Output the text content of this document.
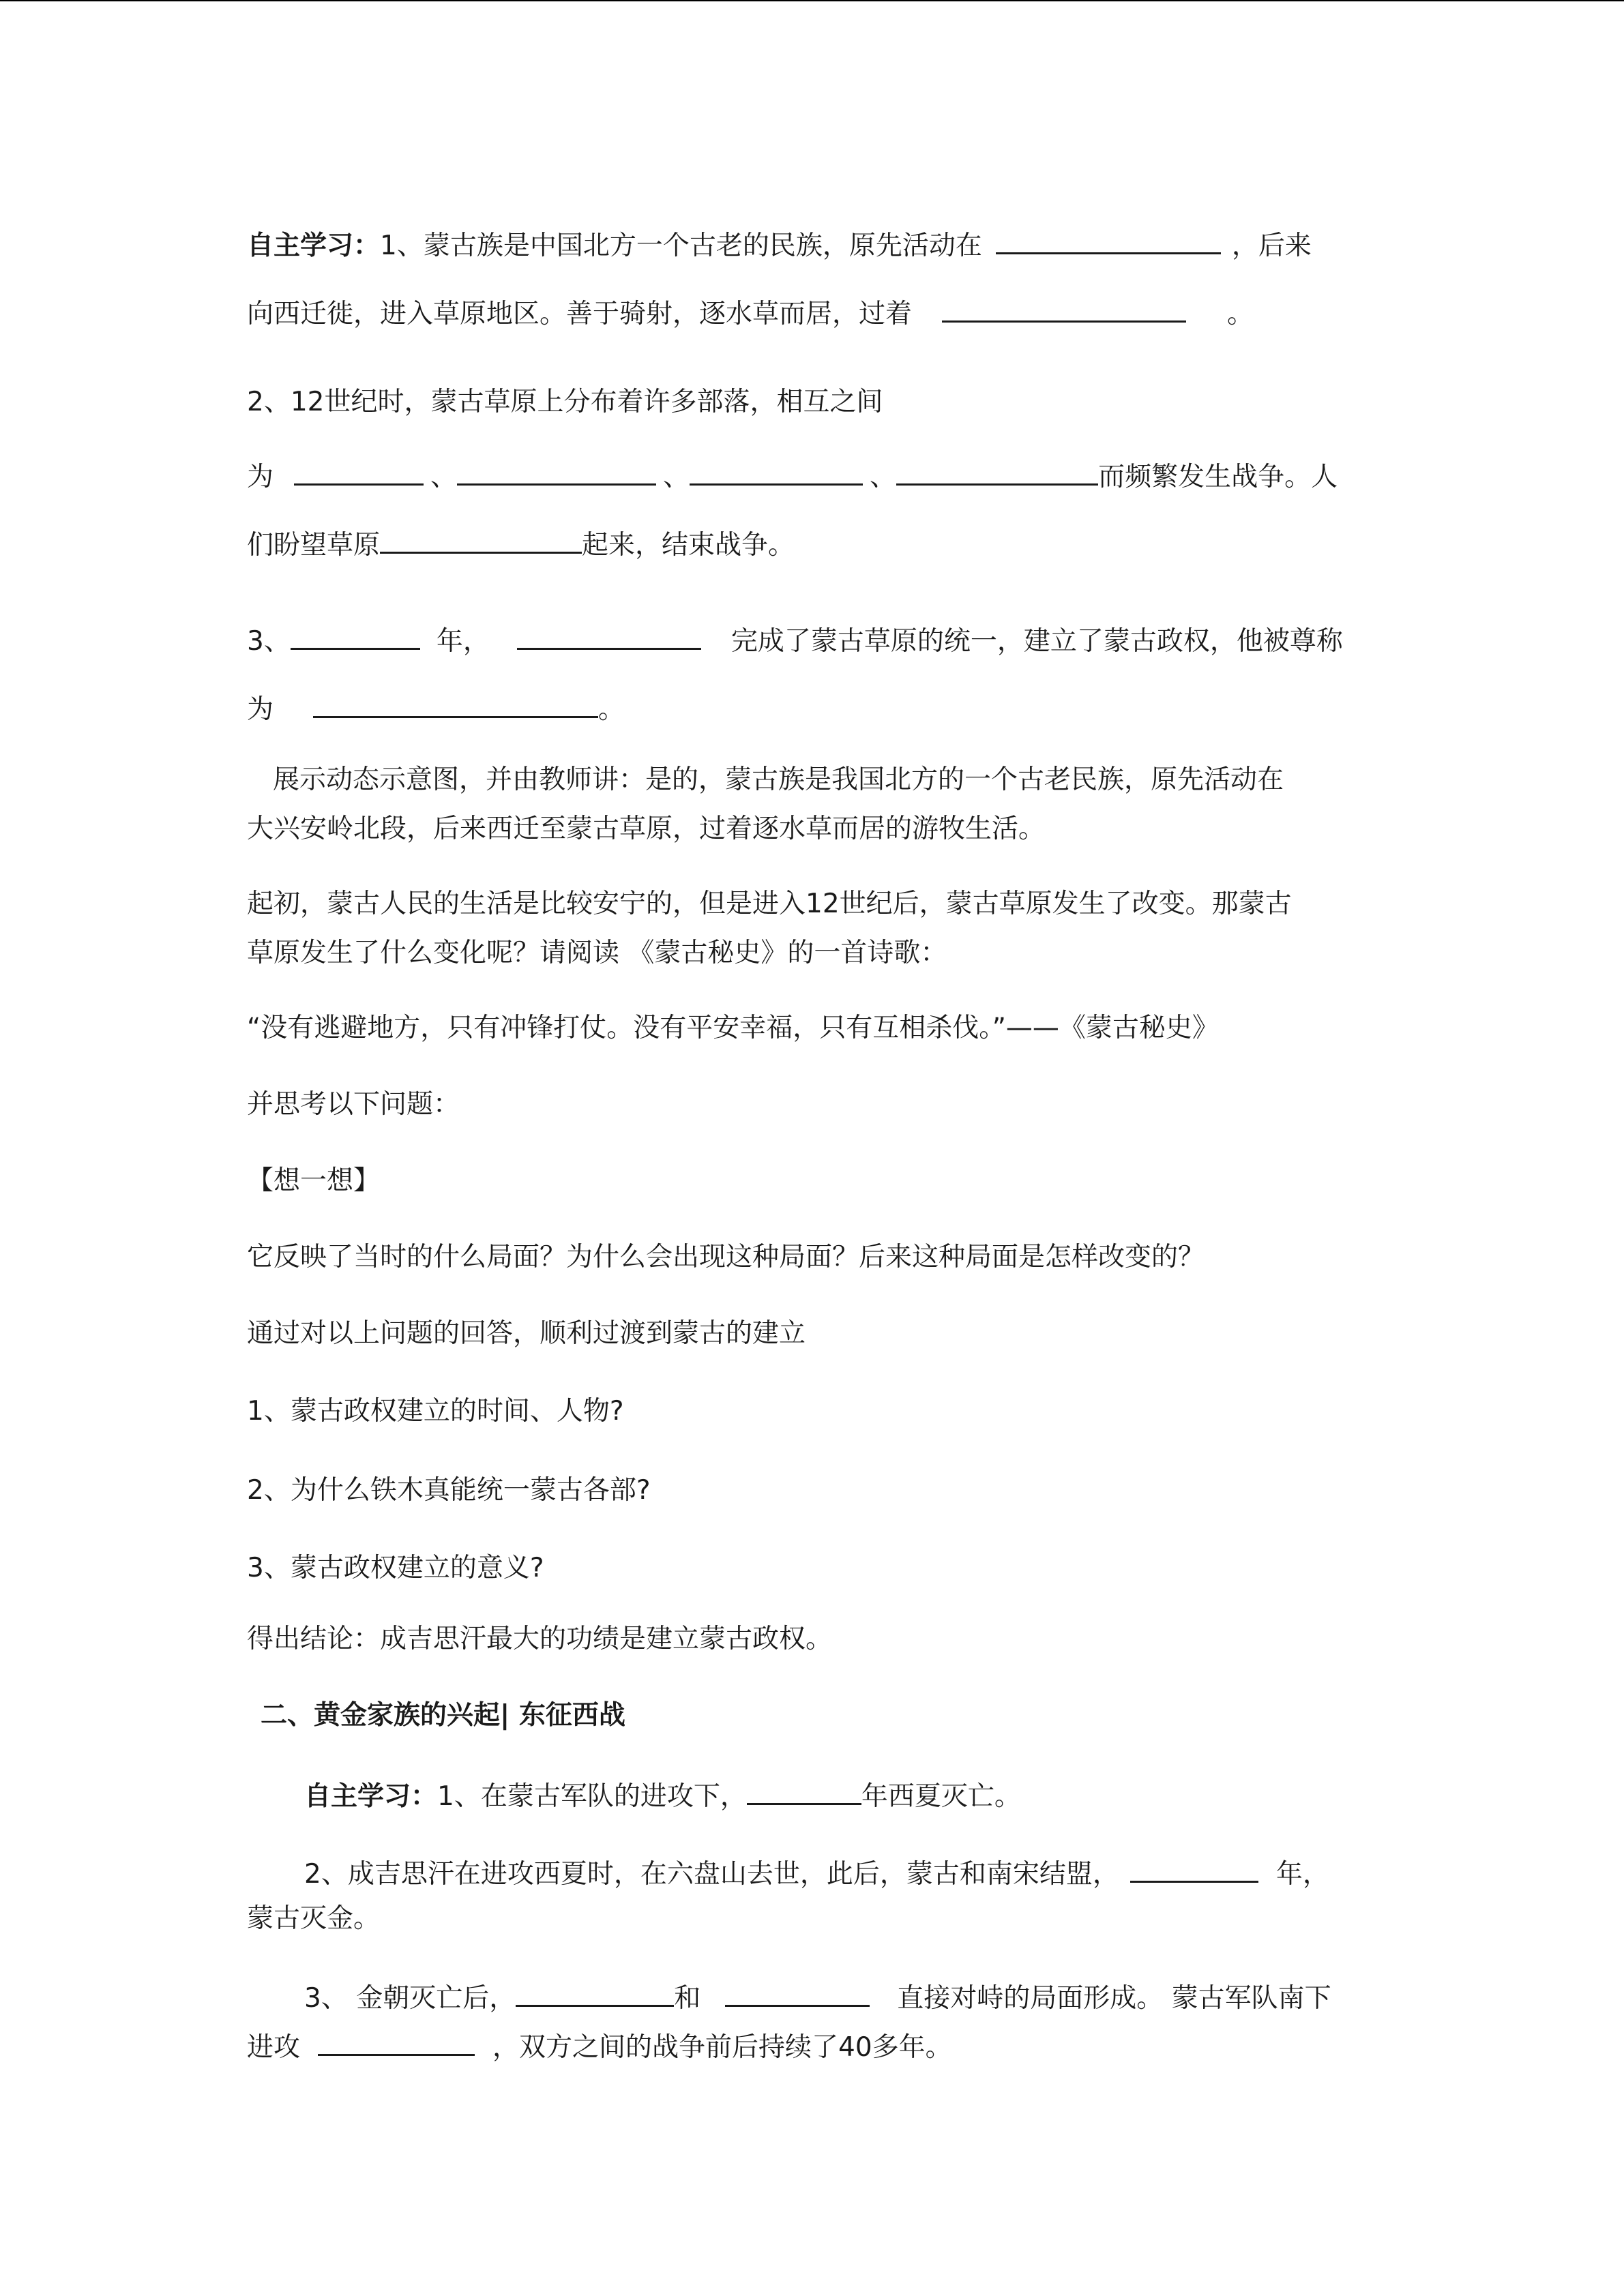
自主学习：1、蒙古族是中国北方一个古老的民族，原先活动在	，后来
向西迁徙，进入草原地区。善于骑射，逐水草而居，过着	。
2、12世纪时，蒙古草原上分布着许多部落，相互之间
为	、	、	、	而频繁发生战争。人
们盼望草原	起来，结束战争。
3、	年，	完成了蒙古草原的统一，建立了蒙古政权，他被尊称
为	。
展示动态示意图，并由教师讲：是的，蒙古族是我国北方的一个古老民族，原先活动在
大兴安岭北段，后来西迁至蒙古草原，过着逐水草而居的游牧生活。
起初，蒙古人民的生活是比较安宁的，但是进入12世纪后，蒙古草原发生了改变。那蒙古
草原发生了什么变化呢？请阅读 《蒙古秘史》的一首诗歌：
“没有逃避地方，只有冲锋打仗。没有平安幸福，只有互相杀伐。”——《蒙古秘史》
并思考以下问题：
【想一想】
它反映了当时的什么局面？为什么会出现这种局面？后来这种局面是怎样改变的？
通过对以上问题的回答，顺利过渡到蒙古的建立
1、蒙古政权建立的时间、人物?
2、为什么铁木真能统一蒙古各部?
3、蒙古政权建立的意义?
得出结论：成吉思汗最大的功绩是建立蒙古政权。
二、黄金家族的兴起| 东征西战
自主学习：1、在蒙古军队的进攻下，	年西夏灭亡。
2、成吉思汗在进攻西夏时，在六盘山去世，此后，蒙古和南宋结盟，	年，
蒙古灭金。
3、 金朝灭亡后，	和	直接对峙的局面形成。 蒙古军队南下
进攻	，双方之间的战争前后持续了40多年。
